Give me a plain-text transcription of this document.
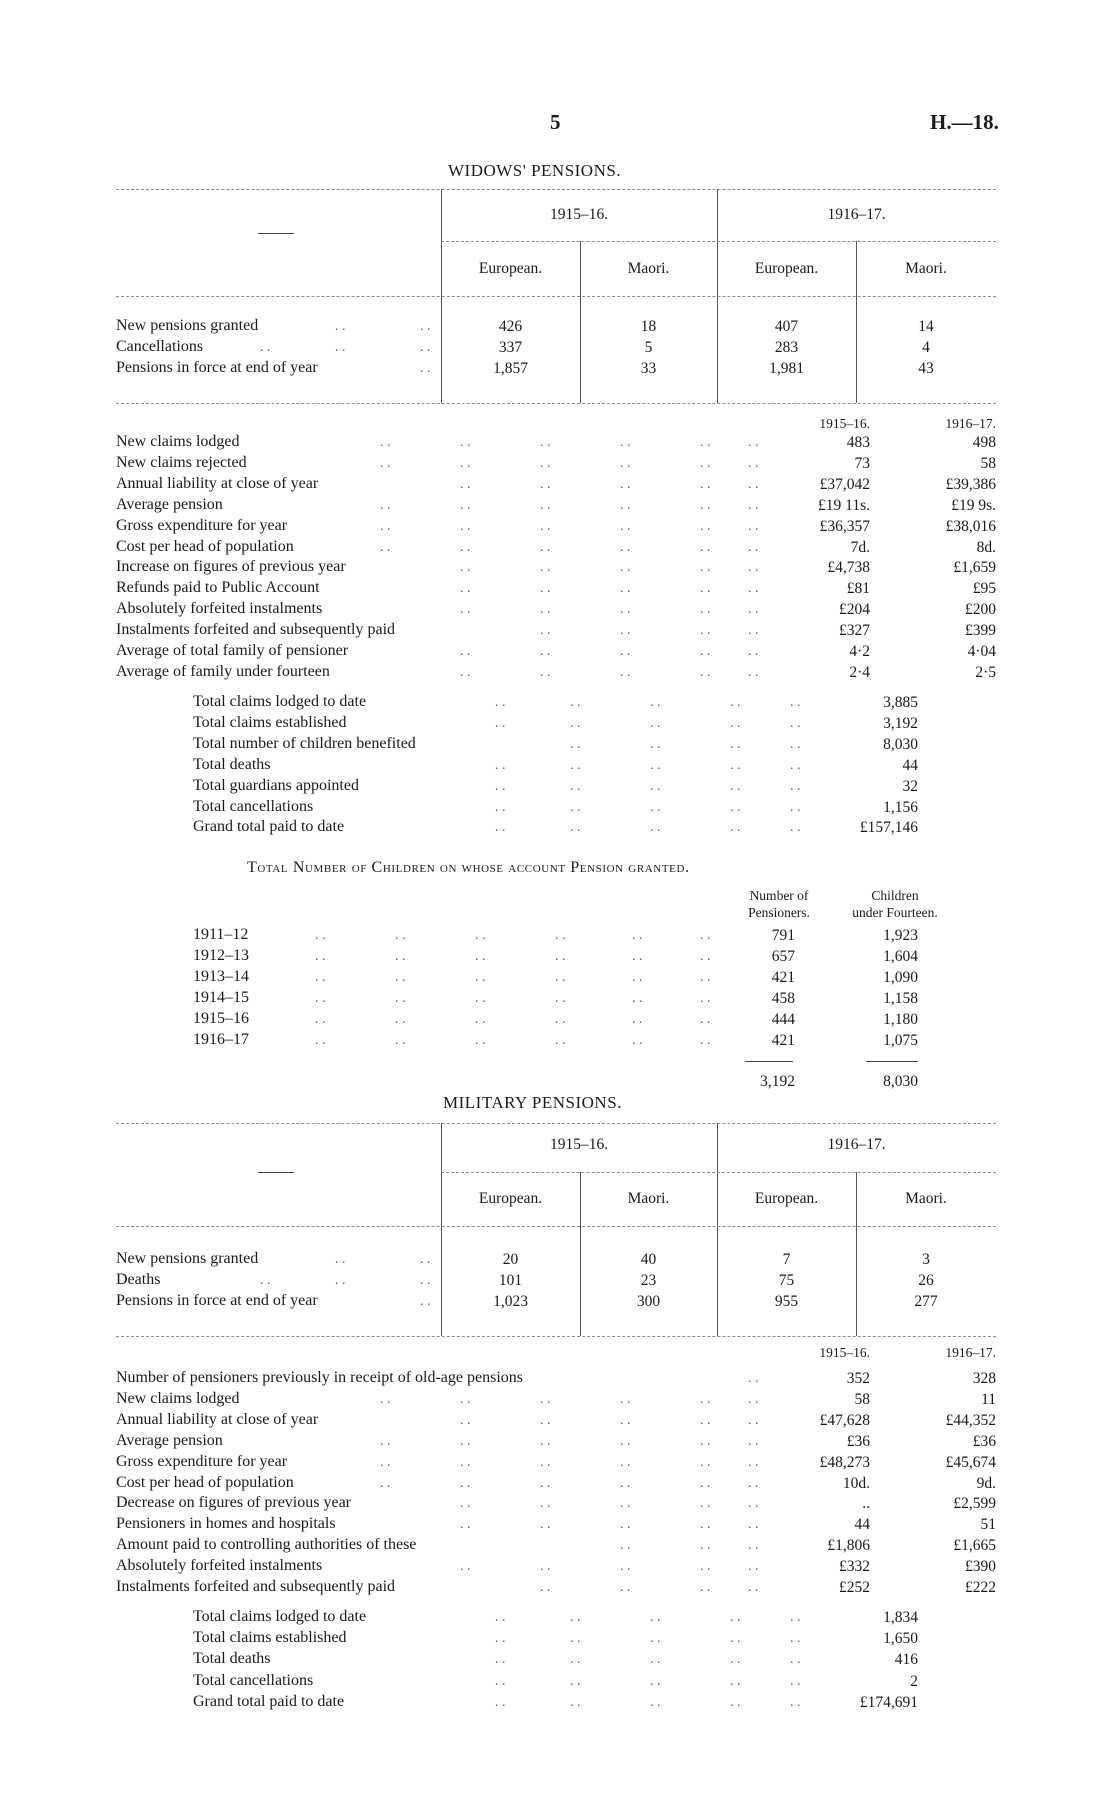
5	H.—18.
WIDOWS' PENSIONS.
1915–16.	1916–17.
European.	Maori.	European.	Maori.
New pensions granted	. .	. .	426	18	407	14
Cancellations	. .	. .	. .	337	5	283	4
Pensions in force at end of year	. .	1,857	33	1,981	43
1915–16.	1916–17.
New claims lodged	. .	. .	. .	. .	. .	. .	483	498
New claims rejected	. .	. .	. .	. .	. .	. .	73	58
Annual liability at close of year	. .	. .	. .	. .	. .	£37,042	£39,386
Average pension	. .	. .	. .	. .	. .	. .	£19 11s.	£19 9s.
Gross expenditure for year	. .	. .	. .	. .	. .	. .	£36,357	£38,016
Cost per head of population	. .	. .	. .	. .	. .	. .	7d.	8d.
Increase on figures of previous year	. .	. .	. .	. .	. .	£4,738	£1,659
Refunds paid to Public Account	. .	. .	. .	. .	. .	£81	£95
Absolutely forfeited instalments	. .	. .	. .	. .	. .	£204	£200
Instalments forfeited and subsequently paid	. .	. .	. .	. .	£327	£399
Average of total family of pensioner	. .	. .	. .	. .	. .	4·2	4·04
Average of family under fourteen	. .	. .	. .	. .	. .	2·4	2·5
Total claims lodged to date	. .	. .	. .	. .	. .	3,885
Total claims established	. .	. .	. .	. .	. .	3,192
Total number of children benefited	. .	. .	. .	. .	8,030
Total deaths	. .	. .	. .	. .	. .	44
Total guardians appointed	. .	. .	. .	. .	. .	32
Total cancellations	. .	. .	. .	. .	. .	1,156
Grand total paid to date	. .	. .	. .	. .	. .	£157,146
Total Number of Children on whose account Pension granted.
Number of
Pensioners.
Children
under Fourteen.
1911–12	. .	. .	. .	. .	. .	. .	791	1,923
1912–13	. .	. .	. .	. .	. .	. .	657	1,604
1913–14	. .	. .	. .	. .	. .	. .	421	1,090
1914–15	. .	. .	. .	. .	. .	. .	458	1,158
1915–16	. .	. .	. .	. .	. .	. .	444	1,180
1916–17	. .	. .	. .	. .	. .	. .	421	1,075
3,192	8,030
MILITARY PENSIONS.
1915–16.	1916–17.
European.	Maori.	European.	Maori.
New pensions granted	. .	. .	20	40	7	3
Deaths	. .	. .	. .	101	23	75	26
Pensions in force at end of year	. .	1,023	300	955	277
1915–16.	1916–17.
Number of pensioners previously in receipt of old-age pensions	. .	352	328
New claims lodged	. .	. .	. .	. .	. .	. .	58	11
Annual liability at close of year	. .	. .	. .	. .	. .	£47,628	£44,352
Average pension	. .	. .	. .	. .	. .	. .	£36	£36
Gross expenditure for year	. .	. .	. .	. .	. .	. .	£48,273	£45,674
Cost per head of population	. .	. .	. .	. .	. .	. .	10d.	9d.
Decrease on figures of previous year	. .	. .	. .	. .	. .	..	£2,599
Pensioners in homes and hospitals	. .	. .	. .	. .	. .	44	51
Amount paid to controlling authorities of these	. .	. .	. .	£1,806	£1,665
Absolutely forfeited instalments	. .	. .	. .	. .	. .	£332	£390
Instalments forfeited and subsequently paid	. .	. .	. .	. .	£252	£222
Total claims lodged to date	. .	. .	. .	. .	. .	1,834
Total claims established	. .	. .	. .	. .	. .	1,650
Total deaths	. .	. .	. .	. .	. .	416
Total cancellations	. .	. .	. .	. .	. .	2
Grand total paid to date	. .	. .	. .	. .	. .	£174,691
